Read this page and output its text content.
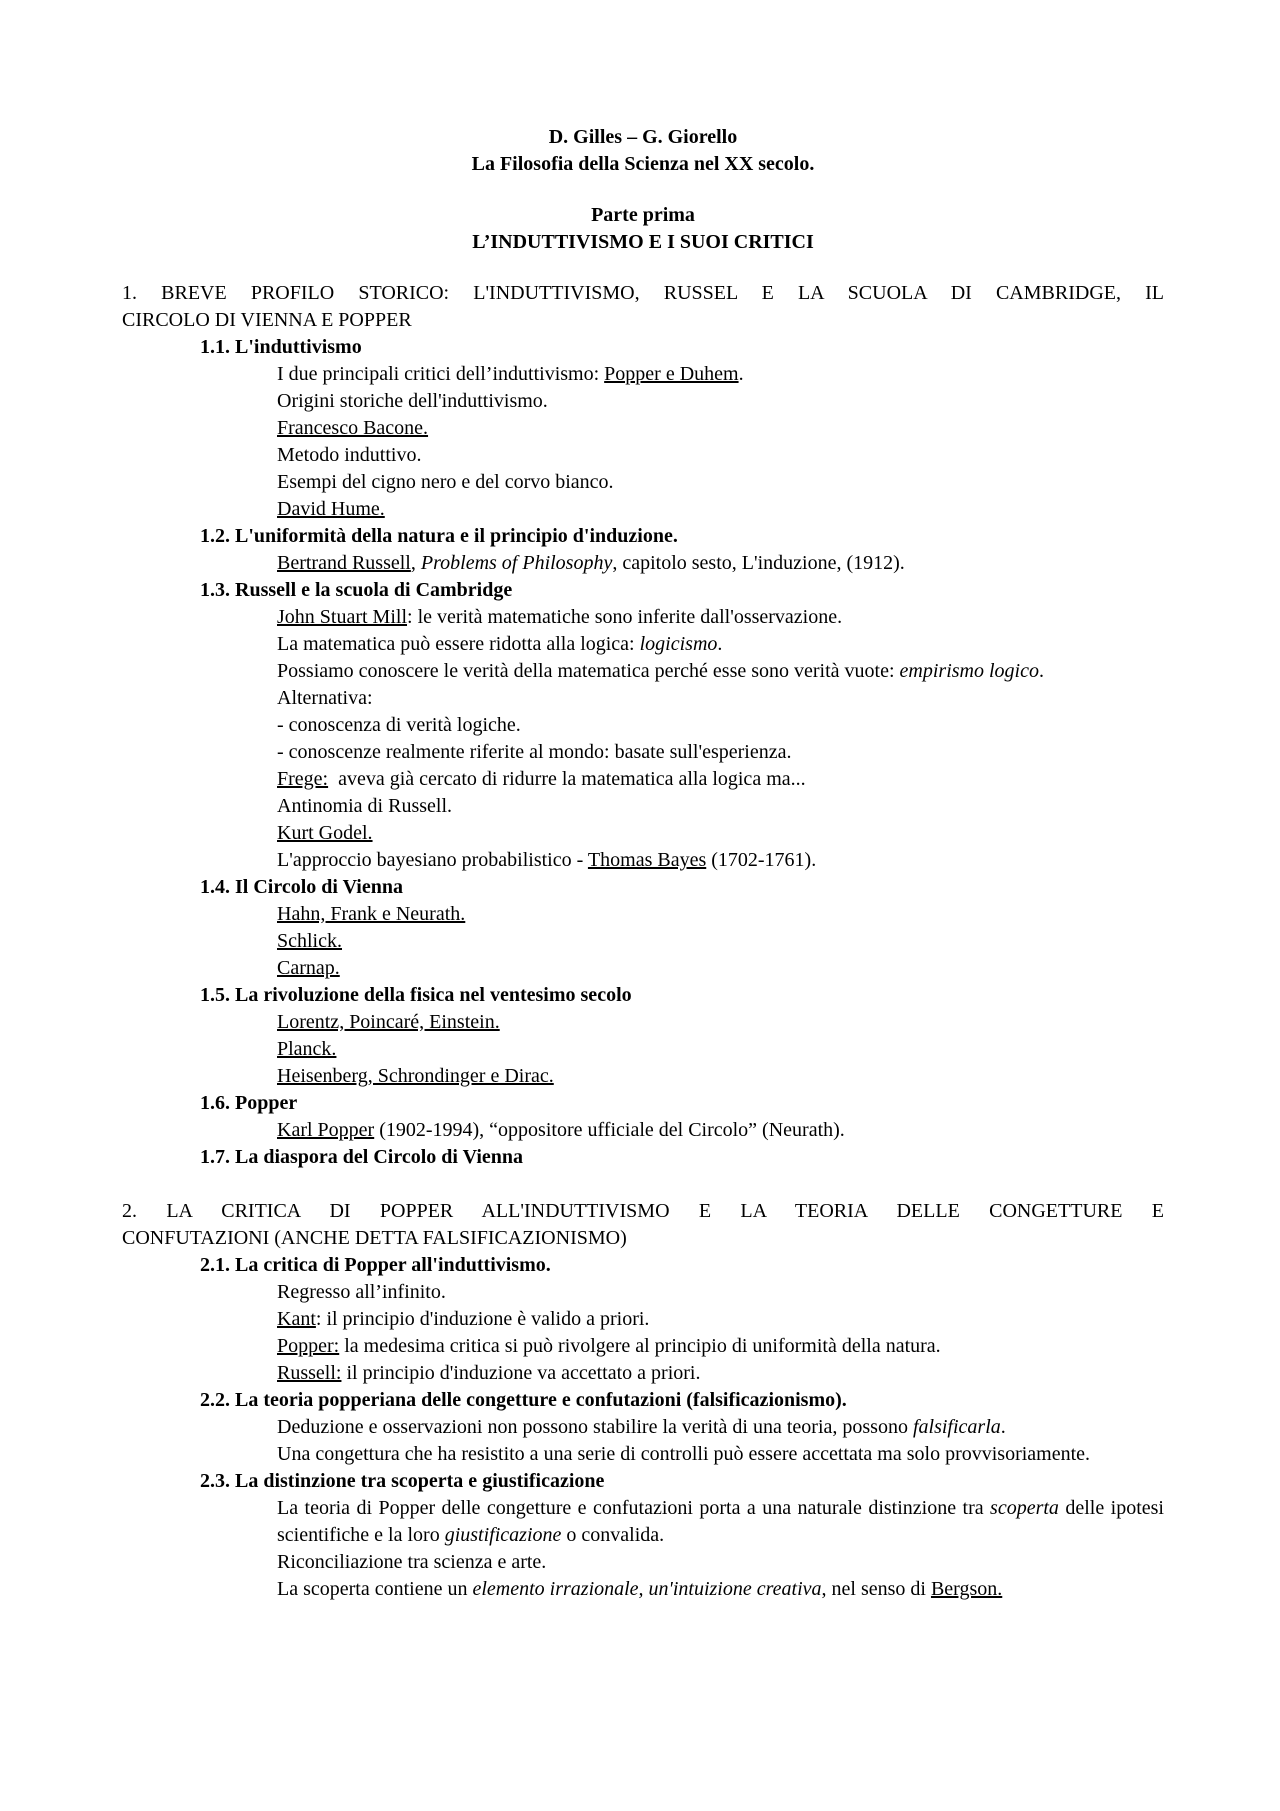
D. Gilles – G. Giorello
La Filosofia della Scienza nel XX secolo.
Parte prima
L’INDUTTIVISMO E I SUOI CRITICI
1. BREVE PROFILO STORICO: L'INDUTTIVISMO, RUSSEL E LA SCUOLA DI CAMBRIDGE, IL
CIRCOLO DI VIENNA E POPPER
1.1. L'induttivismo
I due principali critici dell’induttivismo: Popper e Duhem.
Origini storiche dell'induttivismo.
Francesco Bacone.
Metodo induttivo.
Esempi del cigno nero e del corvo bianco.
David Hume.
1.2. L'uniformità della natura e il principio d'induzione.
Bertrand Russell, Problems of Philosophy, capitolo sesto, L'induzione, (1912).
1.3. Russell e la scuola di Cambridge
John Stuart Mill: le verità matematiche sono inferite dall'osservazione.
La matematica può essere ridotta alla logica: logicismo.
Possiamo conoscere le verità della matematica perché esse sono verità vuote: empirismo logico.
Alternativa:
- conoscenza di verità logiche.
- conoscenze realmente riferite al mondo: basate sull'esperienza.
Frege:  aveva già cercato di ridurre la matematica alla logica ma...
Antinomia di Russell.
Kurt Godel.
L'approccio bayesiano probabilistico - Thomas Bayes (1702-1761).
1.4. Il Circolo di Vienna
Hahn, Frank e Neurath.
Schlick.
Carnap.
1.5. La rivoluzione della fisica nel ventesimo secolo
Lorentz, Poincaré, Einstein.
Planck.
Heisenberg, Schrondinger e Dirac.
1.6. Popper
Karl Popper (1902-1994), “oppositore ufficiale del Circolo” (Neurath).
1.7. La diaspora del Circolo di Vienna
2. LA CRITICA DI POPPER ALL'INDUTTIVISMO E LA TEORIA DELLE CONGETTURE E
CONFUTAZIONI (ANCHE DETTA FALSIFICAZIONISMO)
2.1. La critica di Popper all'induttivismo.
Regresso all’infinito.
Kant: il principio d'induzione è valido a priori.
Popper: la medesima critica si può rivolgere al principio di uniformità della natura.
Russell: il principio d'induzione va accettato a priori.
2.2. La teoria popperiana delle congetture e confutazioni (falsificazionismo).
Deduzione e osservazioni non possono stabilire la verità di una teoria, possono falsificarla.
Una congettura che ha resistito a una serie di controlli può essere accettata ma solo provvisoriamente.
2.3. La distinzione tra scoperta e giustificazione
La teoria di Popper delle congetture e confutazioni porta a una naturale distinzione tra scoperta delle ipotesi scientifiche e la loro giustificazione o convalida.
Riconciliazione tra scienza e arte.
La scoperta contiene un elemento irrazionale, un'intuizione creativa, nel senso di Bergson.
